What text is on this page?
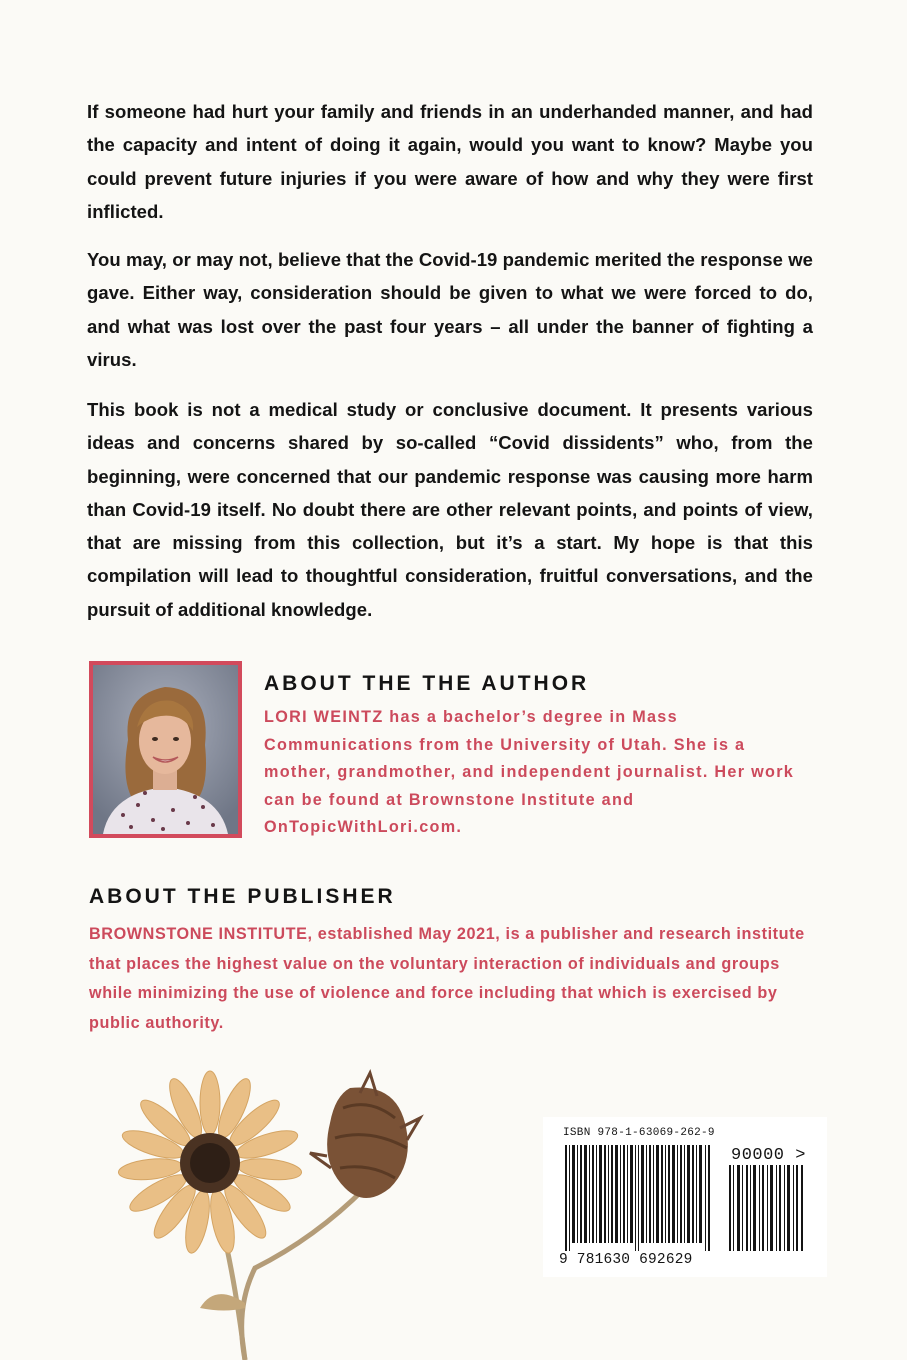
If someone had hurt your family and friends in an underhanded manner, and had the capacity and intent of doing it again, would you want to know? Maybe you could prevent future injuries if you were aware of how and why they were first inflicted.

You may, or may not, believe that the Covid-19 pandemic merited the response we gave. Either way, consideration should be given to what we were forced to do, and what was lost over the past four years – all under the banner of fighting a virus.

This book is not a medical study or conclusive document. It presents various ideas and concerns shared by so-called “Covid dissidents” who, from the beginning, were concerned that our pandemic response was causing more harm than Covid-19 itself. No doubt there are other relevant points, and points of view, that are missing from this collection, but it’s a start. My hope is that this compilation will lead to thoughtful consideration, fruitful conversations, and the pursuit of additional knowledge.

ABOUT THE THE AUTHOR

LORI WEINTZ has a bachelor’s degree in Mass Communications from the University of Utah. She is a mother, grandmother, and independent journalist. Her work can be found at Brownstone Institute and OnTopicWithLori.com.

ABOUT THE PUBLISHER

BROWNSTONE INSTITUTE, established May 2021, is a publisher and research institute that places the highest value on the voluntary interaction of individuals and groups while minimizing the use of violence and force including that which is exercised by public authority.

ISBN 978-1-63069-262-9

90000 >

9 781630 692629
